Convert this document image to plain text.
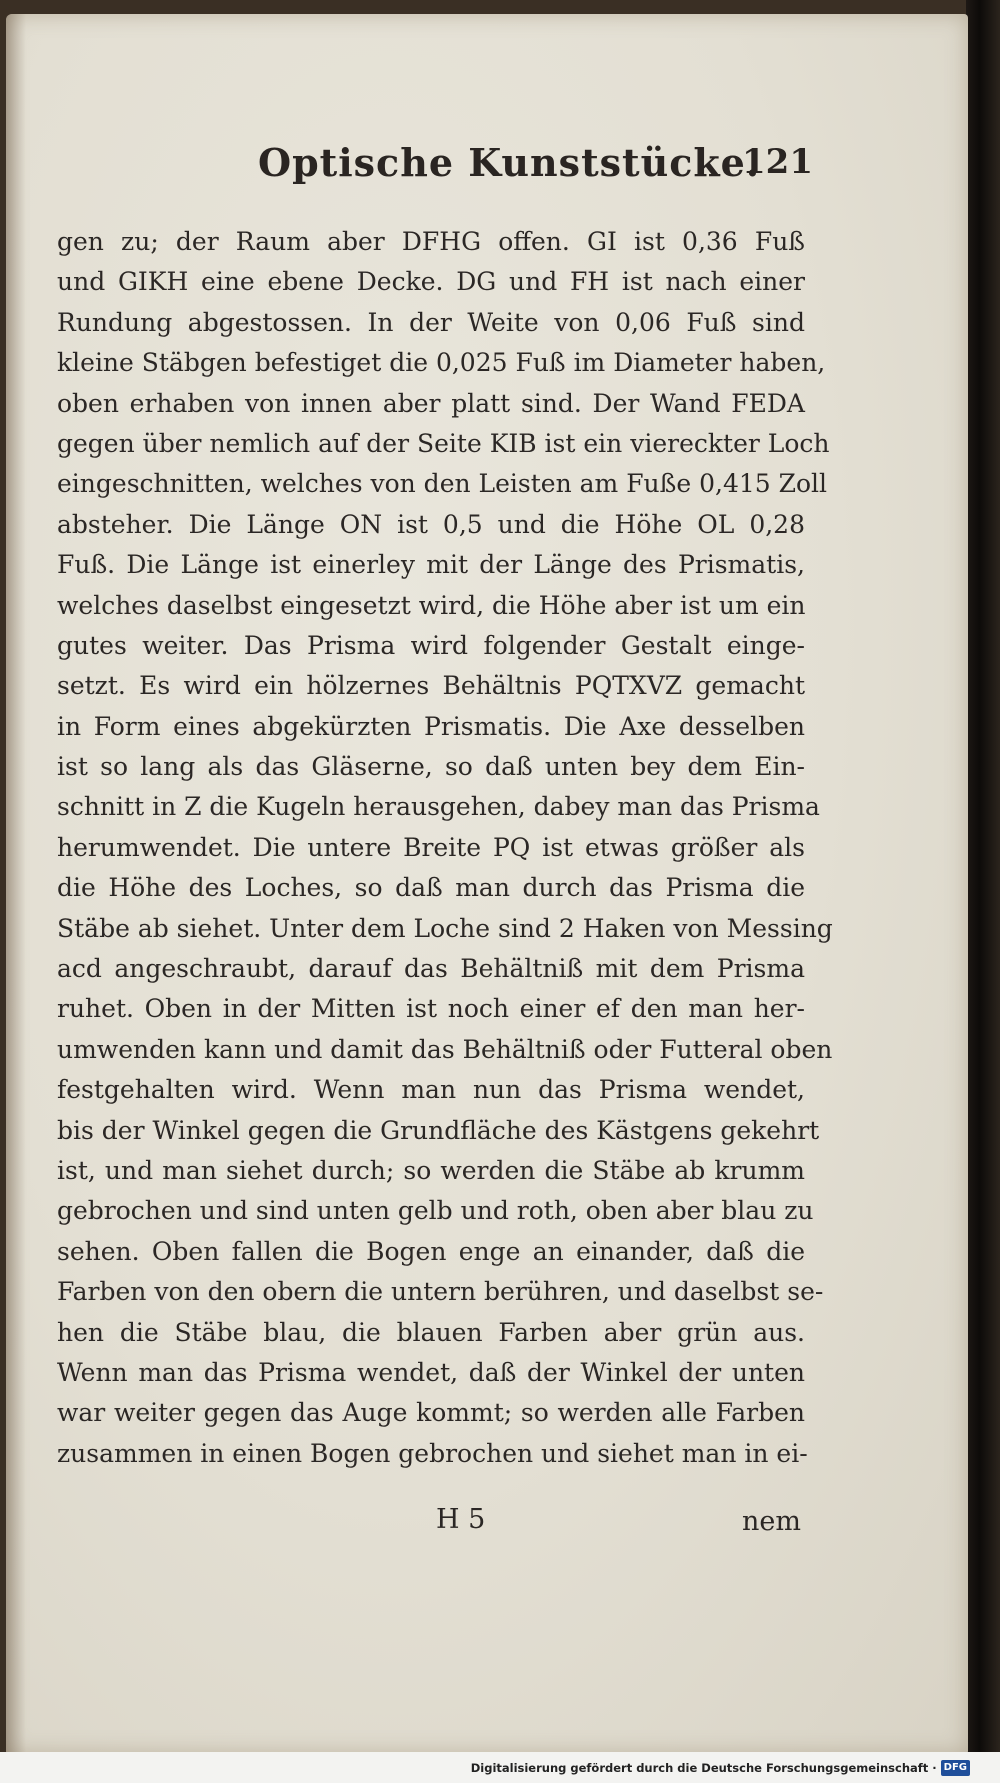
Optische Kunststücke.
121
gen zu; der Raum aber DFHG offen. GI ist 0,36 Fuß
und GIKH eine ebene Decke. DG und FH ist nach einer
Rundung abgestossen. In der Weite von 0,06 Fuß sind
kleine Stäbgen befestiget die 0,025 Fuß im Diameter haben,
oben erhaben von innen aber platt sind. Der Wand FEDA
gegen über nemlich auf der Seite KIB ist ein viereckter Loch
eingeschnitten, welches von den Leisten am Fuße 0,415 Zoll
absteher. Die Länge ON ist 0,5 und die Höhe OL 0,28
Fuß. Die Länge ist einerley mit der Länge des Prismatis,
welches daselbst eingesetzt wird, die Höhe aber ist um ein
gutes weiter. Das Prisma wird folgender Gestalt einge-
setzt. Es wird ein hölzernes Behältnis PQTXVZ gemacht
in Form eines abgekürzten Prismatis. Die Axe desselben
ist so lang als das Gläserne, so daß unten bey dem Ein-
schnitt in Z die Kugeln herausgehen, dabey man das Prisma
herumwendet. Die untere Breite PQ ist etwas größer als
die Höhe des Loches, so daß man durch das Prisma die
Stäbe ab siehet. Unter dem Loche sind 2 Haken von Messing
acd angeschraubt, darauf das Behältniß mit dem Prisma
ruhet. Oben in der Mitten ist noch einer ef den man her-
umwenden kann und damit das Behältniß oder Futteral oben
festgehalten wird. Wenn man nun das Prisma wendet,
bis der Winkel gegen die Grundfläche des Kästgens gekehrt
ist, und man siehet durch; so werden die Stäbe ab krumm
gebrochen und sind unten gelb und roth, oben aber blau zu
sehen. Oben fallen die Bogen enge an einander, daß die
Farben von den obern die untern berühren, und daselbst se-
hen die Stäbe blau, die blauen Farben aber grün aus.
Wenn man das Prisma wendet, daß der Winkel der unten
war weiter gegen das Auge kommt; so werden alle Farben
zusammen in einen Bogen gebrochen und siehet man in ei-
H 5	nem
Digitalisierung gefördert durch die Deutsche Forschungsgemeinschaft · DFG
